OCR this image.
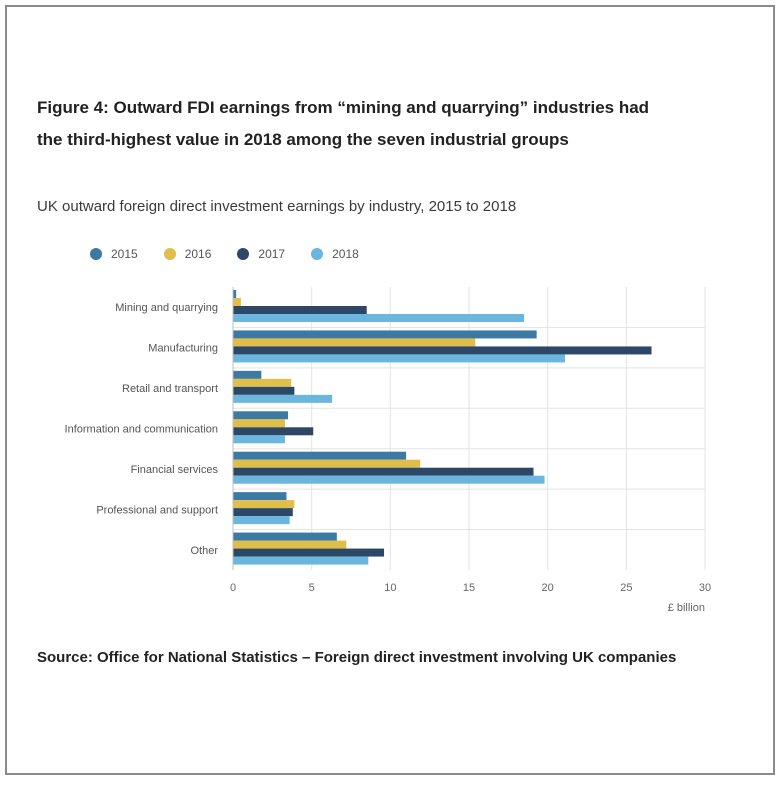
Figure 4: Outward FDI earnings from “mining and quarrying” industries had the third-highest value in 2018 among the seven industrial groups

UK outward foreign direct investment earnings by industry, 2015 to 2018

2015	2016	2017	2018
0	5	10	15	20	25	30
£ billion
Mining and quarrying
Manufacturing
Retail and transport
Information and communication
Financial services
Professional and support
Other

Source: Office for National Statistics – Foreign direct investment involving UK companies
